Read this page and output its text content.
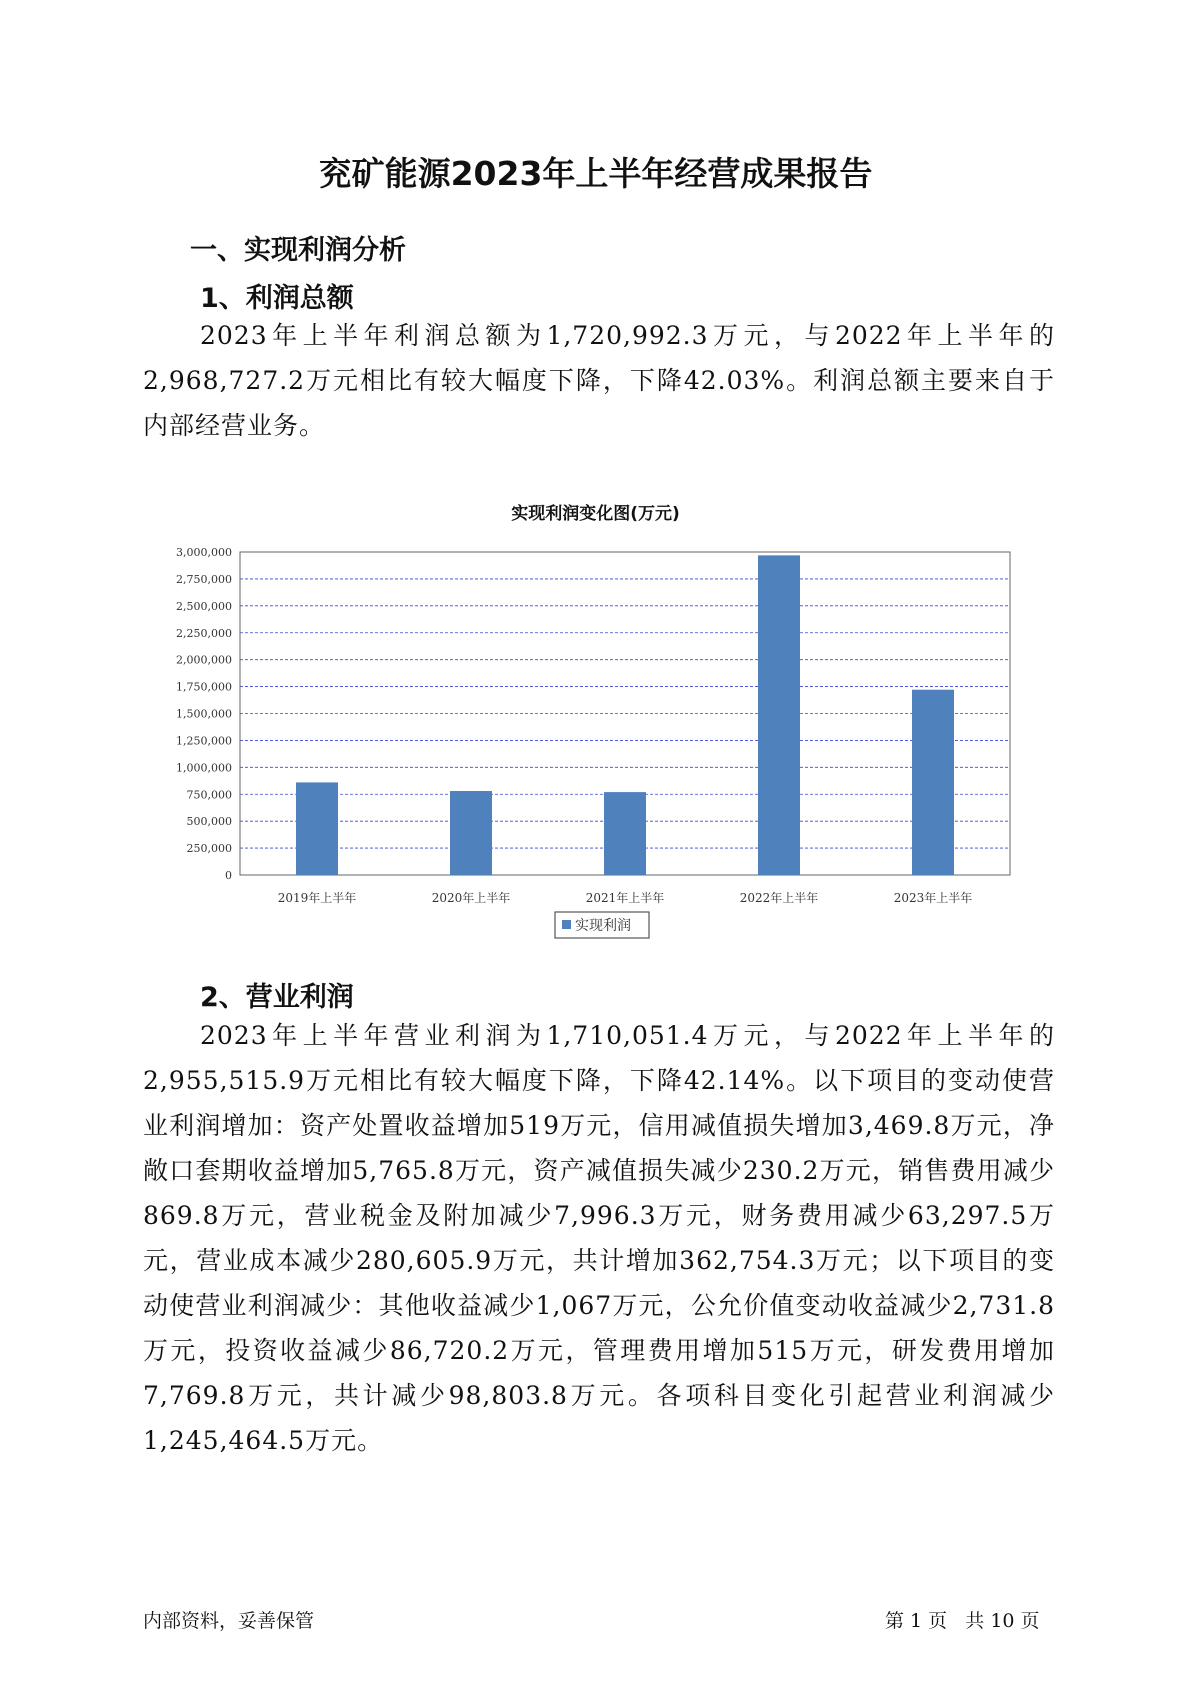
兖矿能源2023年上半年经营成果报告
一、实现利润分析
1、利润总额

2023年上半年利润总额为1,720,992.3万元，与2022年上半年的2,968,727.2万元相比有较大幅度下降，下降42.03%。利润总额主要来自于内部经营业务。

实现利润变化图(万元)
0
250,000
500,000
750,000
1,000,000
1,250,000
1,500,000
1,750,000
2,000,000
2,250,000
2,500,000
2,750,000
3,000,000
2019年上半年	2020年上半年	2021年上半年	2022年上半年	2023年上半年
实现利润
2、营业利润

2023年上半年营业利润为1,710,051.4万元，与2022年上半年的2,955,515.9万元相比有较大幅度下降，下降42.14%。以下项目的变动使营业利润增加：资产处置收益增加519万元，信用减值损失增加3,469.8万元，净敞口套期收益增加5,765.8万元，资产减值损失减少230.2万元，销售费用减少869.8万元，营业税金及附加减少7,996.3万元，财务费用减少63,297.5万元，营业成本减少280,605.9万元，共计增加362,754.3万元；以下项目的变动使营业利润减少：其他收益减少1,067万元，公允价值变动收益减少2,731.8万元，投资收益减少86,720.2万元，管理费用增加515万元，研发费用增加7,769.8万元，共计减少98,803.8万元。各项科目变化引起营业利润减少1,245,464.5万元。

内部资料，妥善保管	第 1 页   共 10 页
